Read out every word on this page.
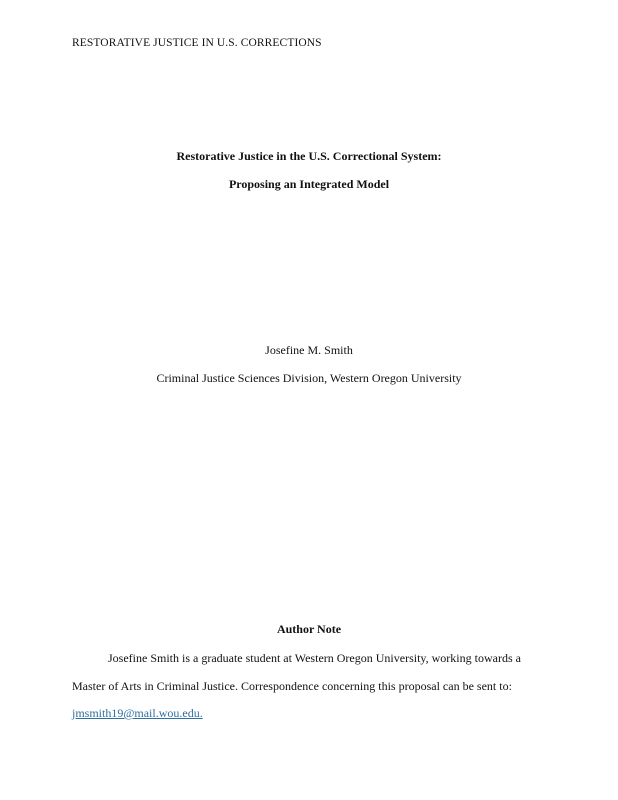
RESTORATIVE JUSTICE IN U.S. CORRECTIONS
Restorative Justice in the U.S. Correctional System:
Proposing an Integrated Model
Josefine M. Smith
Criminal Justice Sciences Division, Western Oregon University
Author Note
Josefine Smith is a graduate student at Western Oregon University, working towards a
Master of Arts in Criminal Justice. Correspondence concerning this proposal can be sent to:
jmsmith19@mail.wou.edu.
